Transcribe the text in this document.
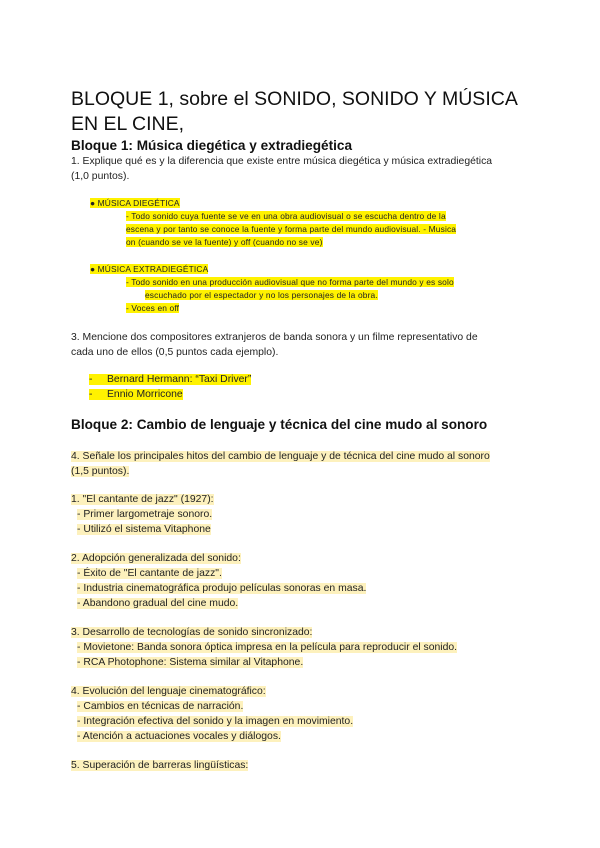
BLOQUE 1, sobre el SONIDO, SONIDO Y MÚSICA EN EL CINE,
Bloque 1: Música diegética y extradiegética
1. Explique qué es y la diferencia que existe entre música diegética y música extradiegética
(1,0 puntos).
● MÚSICA DIEGÉTICA
- Todo sonido cuya fuente se ve en una obra audiovisual o se escucha dentro de la
escena y por tanto se conoce la fuente y forma parte del mundo audiovisual. - Musica
on (cuando se ve la fuente) y off (cuando no se ve)
● MÚSICA EXTRADIEGÉTICA
- Todo sonido en una producción audiovisual que no forma parte del mundo y es solo
escuchado por el espectador y no los personajes de la obra.
- Voces en off
3. Mencione dos compositores extranjeros de banda sonora y un filme representativo de
cada uno de ellos (0,5 puntos cada ejemplo).
- Bernard Hermann: “Taxi Driver”
- Ennio Morricone
Bloque 2: Cambio de lenguaje y técnica del cine mudo al sonoro
4. Señale los principales hitos del cambio de lenguaje y de técnica del cine mudo al sonoro
(1,5 puntos).
1. "El cantante de jazz" (1927):
- Primer largometraje sonoro.
- Utilizó el sistema Vitaphone
2. Adopción generalizada del sonido:
- Éxito de "El cantante de jazz".
- Industria cinematográfica produjo películas sonoras en masa.
- Abandono gradual del cine mudo.
3. Desarrollo de tecnologías de sonido sincronizado:
- Movietone: Banda sonora óptica impresa en la película para reproducir el sonido.
- RCA Photophone: Sistema similar al Vitaphone.
4. Evolución del lenguaje cinematográfico:
- Cambios en técnicas de narración.
- Integración efectiva del sonido y la imagen en movimiento.
- Atención a actuaciones vocales y diálogos.
5. Superación de barreras lingüísticas:
